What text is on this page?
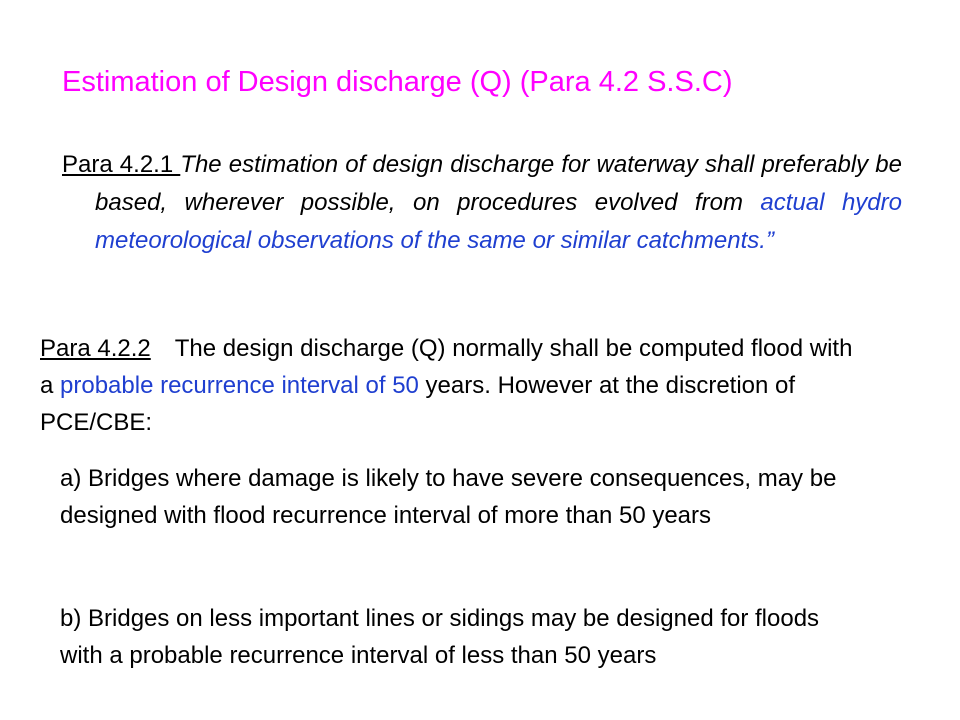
Estimation of Design discharge (Q) (Para 4.2 S.S.C)
Para 4.2.1 The estimation of design discharge for waterway shall preferably be based, wherever possible, on procedures evolved from actual hydro meteorological observations of the same or similar catchments.”
Para 4.2.2 The design discharge (Q) normally shall be computed flood with a probable recurrence interval of 50 years. However at the discretion of PCE/CBE:
a) Bridges where damage is likely to have severe consequences, may be designed with flood recurrence interval of more than 50 years
b) Bridges on less important lines or sidings may be designed for floods with a probable recurrence interval of less than 50 years
